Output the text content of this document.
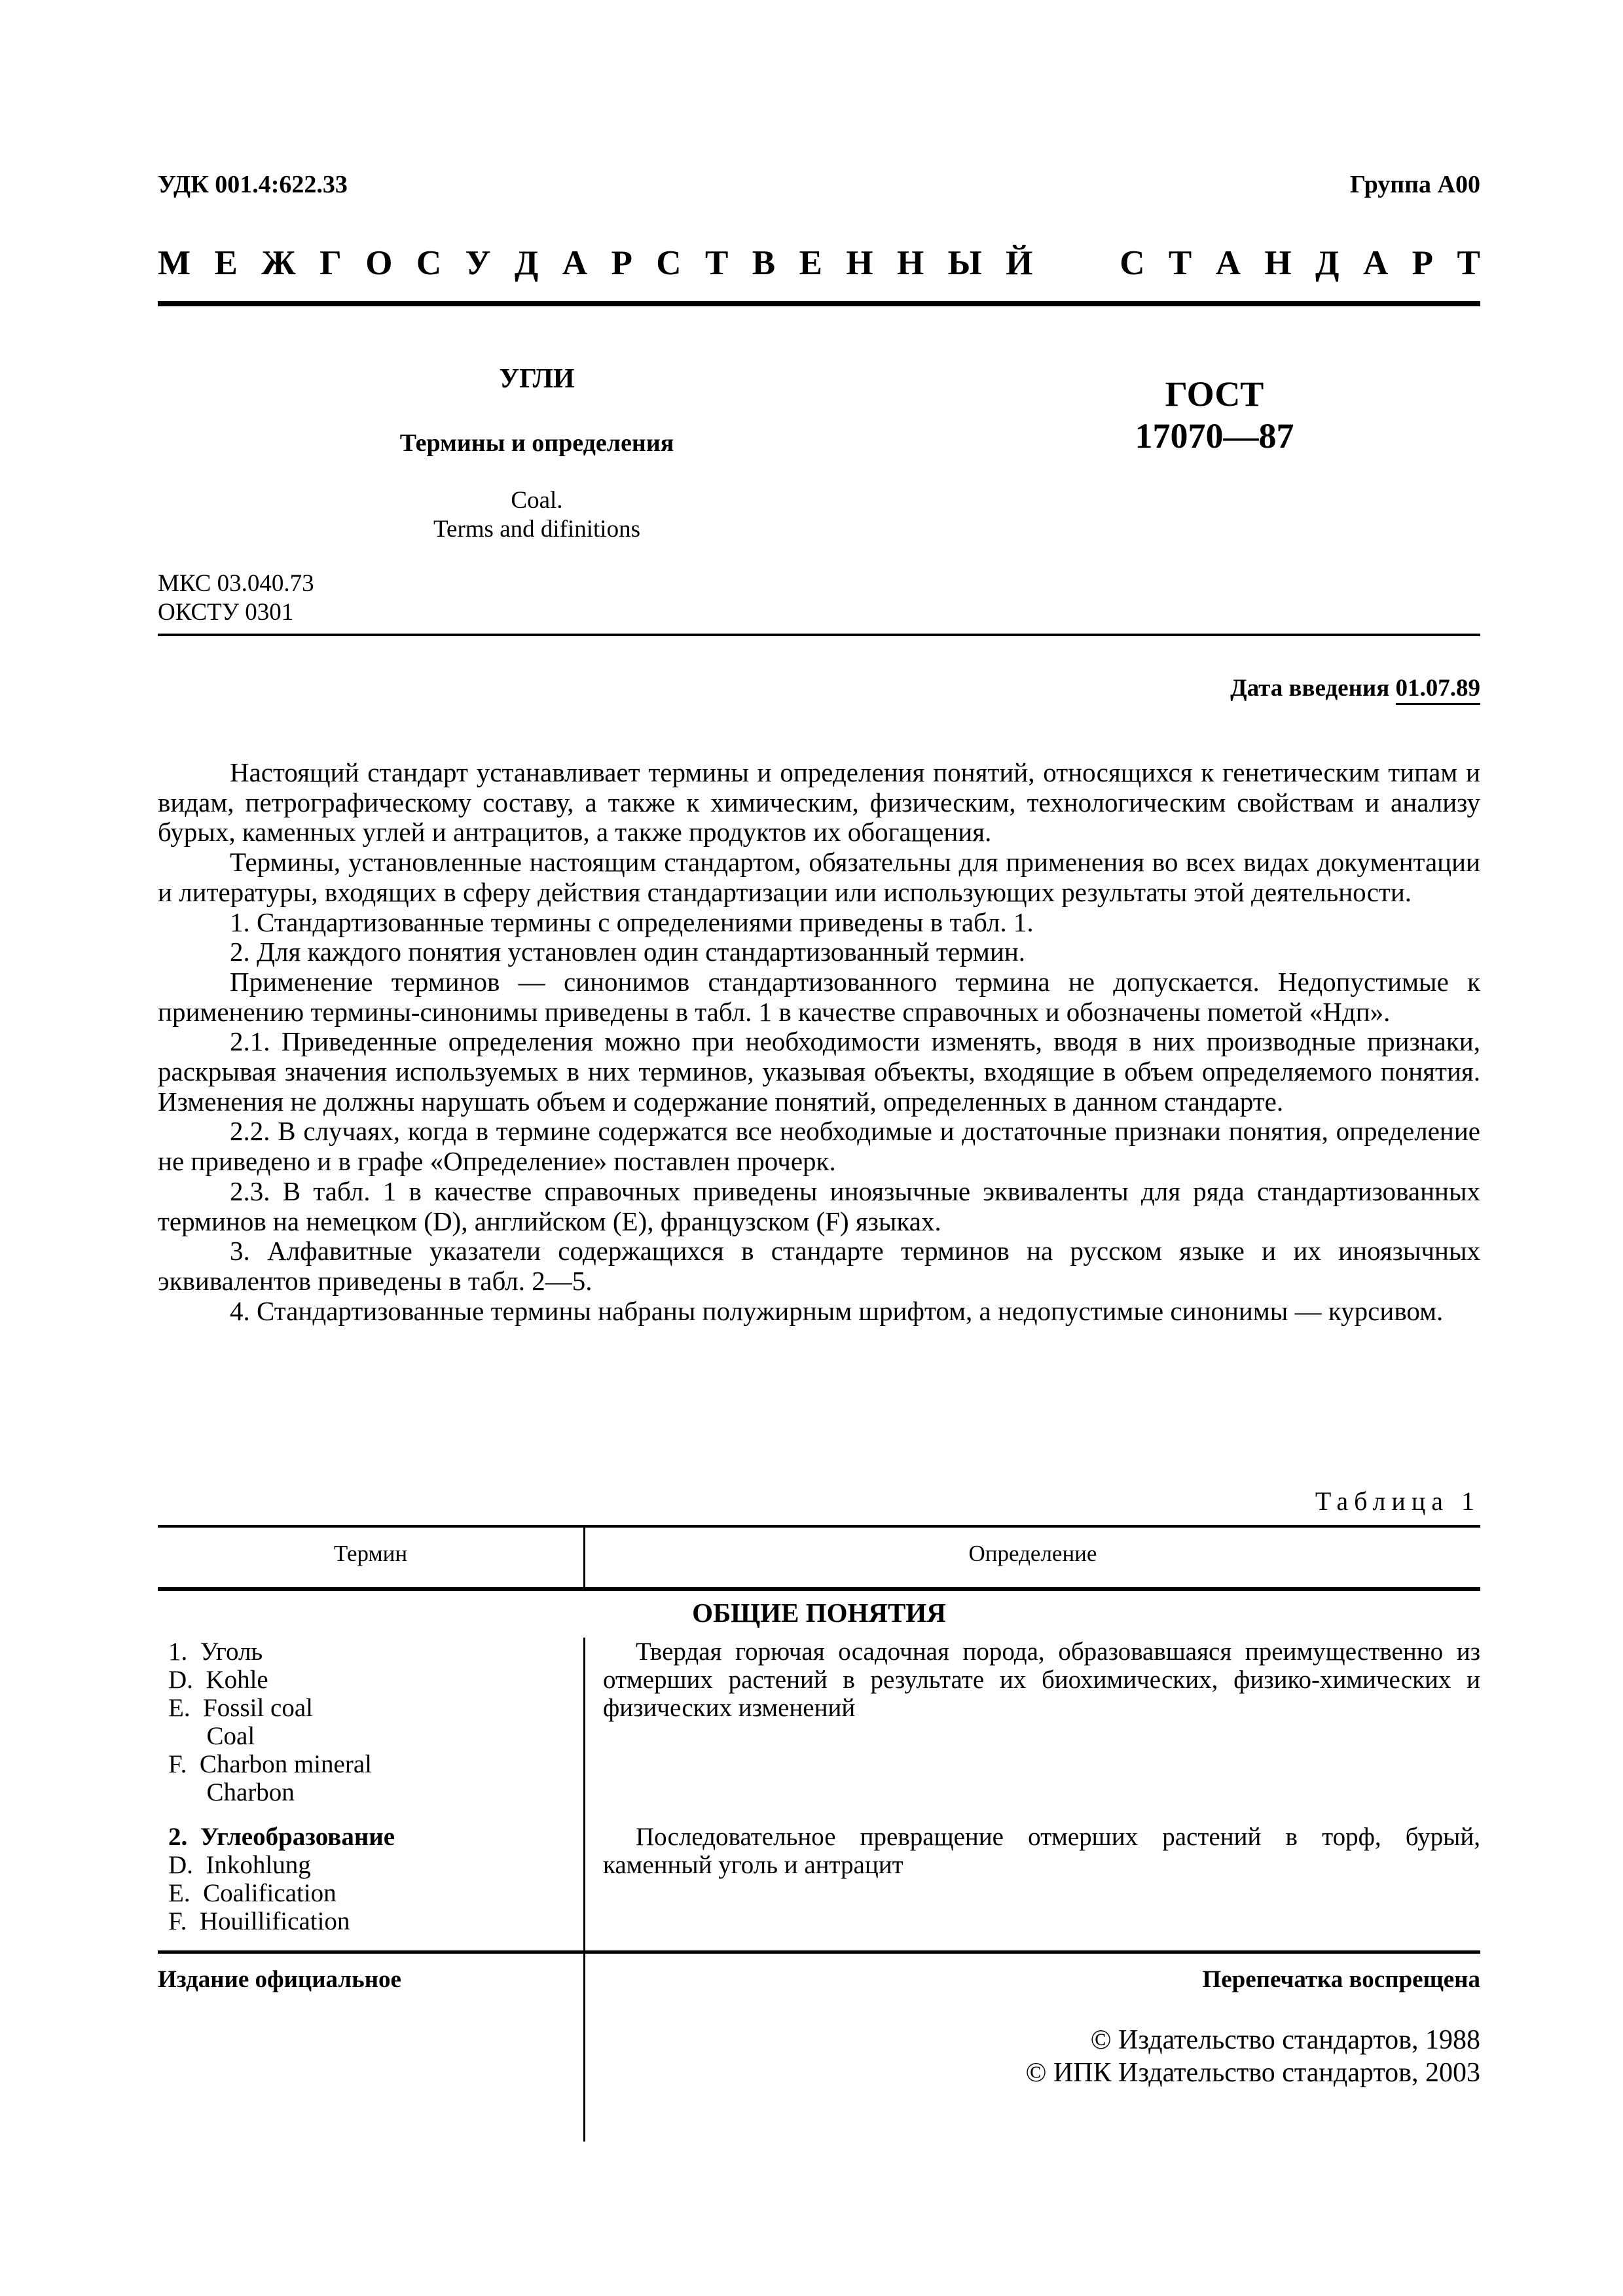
УДК 001.4:622.33	Группа А00
М Е Ж Г О С У Д А Р С Т В Е Н Н Ы Й	С Т А Н Д А Р Т
УГЛИ
Термины и определения
Coal.
Terms and difinitions
ГОСТ
17070—87
МКС 03.040.73
ОКСТУ 0301
Дата введения 01.07.89

Настоящий стандарт устанавливает термины и определения понятий, относящихся к генетическим типам и видам, петрографическому составу, а также к химическим, физическим, технологическим свойствам и анализу бурых, каменных углей и антрацитов, а также продуктов их обогащения.

Термины, установленные настоящим стандартом, обязательны для применения во всех видах документации и литературы, входящих в сферу действия стандартизации или использующих результаты этой деятельности.

1. Стандартизованные термины с определениями приведены в табл. 1.

2. Для каждого понятия установлен один стандартизованный термин.

Применение терминов — синонимов стандартизованного термина не допускается. Недопустимые к применению термины-синонимы приведены в табл. 1 в качестве справочных и обозначены пометой «Ндп».

2.1. Приведенные определения можно при необходимости изменять, вводя в них производные признаки, раскрывая значения используемых в них терминов, указывая объекты, входящие в объем определяемого понятия. Изменения не должны нарушать объем и содержание понятий, определенных в данном стандарте.

2.2. В случаях, когда в термине содержатся все необходимые и достаточные признаки понятия, определение не приведено и в графе «Определение» поставлен прочерк.

2.3. В табл. 1 в качестве справочных приведены иноязычные эквиваленты для ряда стандартизованных терминов на немецком (D), английском (E), французском (F) языках.

3. Алфавитные указатели содержащихся в стандарте терминов на русском языке и их иноязычных эквивалентов приведены в табл. 2—5.

4. Стандартизованные термины набраны полужирным шрифтом, а недопустимые синонимы — курсивом.

Таблица 1
Термин	Определение
ОБЩИЕ ПОНЯТИЯ
1.  Уголь
D.  Kohle
E.  Fossil coal
Coal
F.  Charbon mineral
Charbon

Твердая горючая осадочная порода, образовавшаяся преимущественно из отмерших растений в результате их биохимических, физико-химических и физических изменений

2.  Углеобразование
D.  Inkohlung
E.  Coalification
F.  Houillification

Последовательное превращение отмерших растений в торф, бурый, каменный уголь и антрацит

Издание официальное	Перепечатка воспрещена
© Издательство стандартов, 1988
© ИПК Издательство стандартов, 2003
